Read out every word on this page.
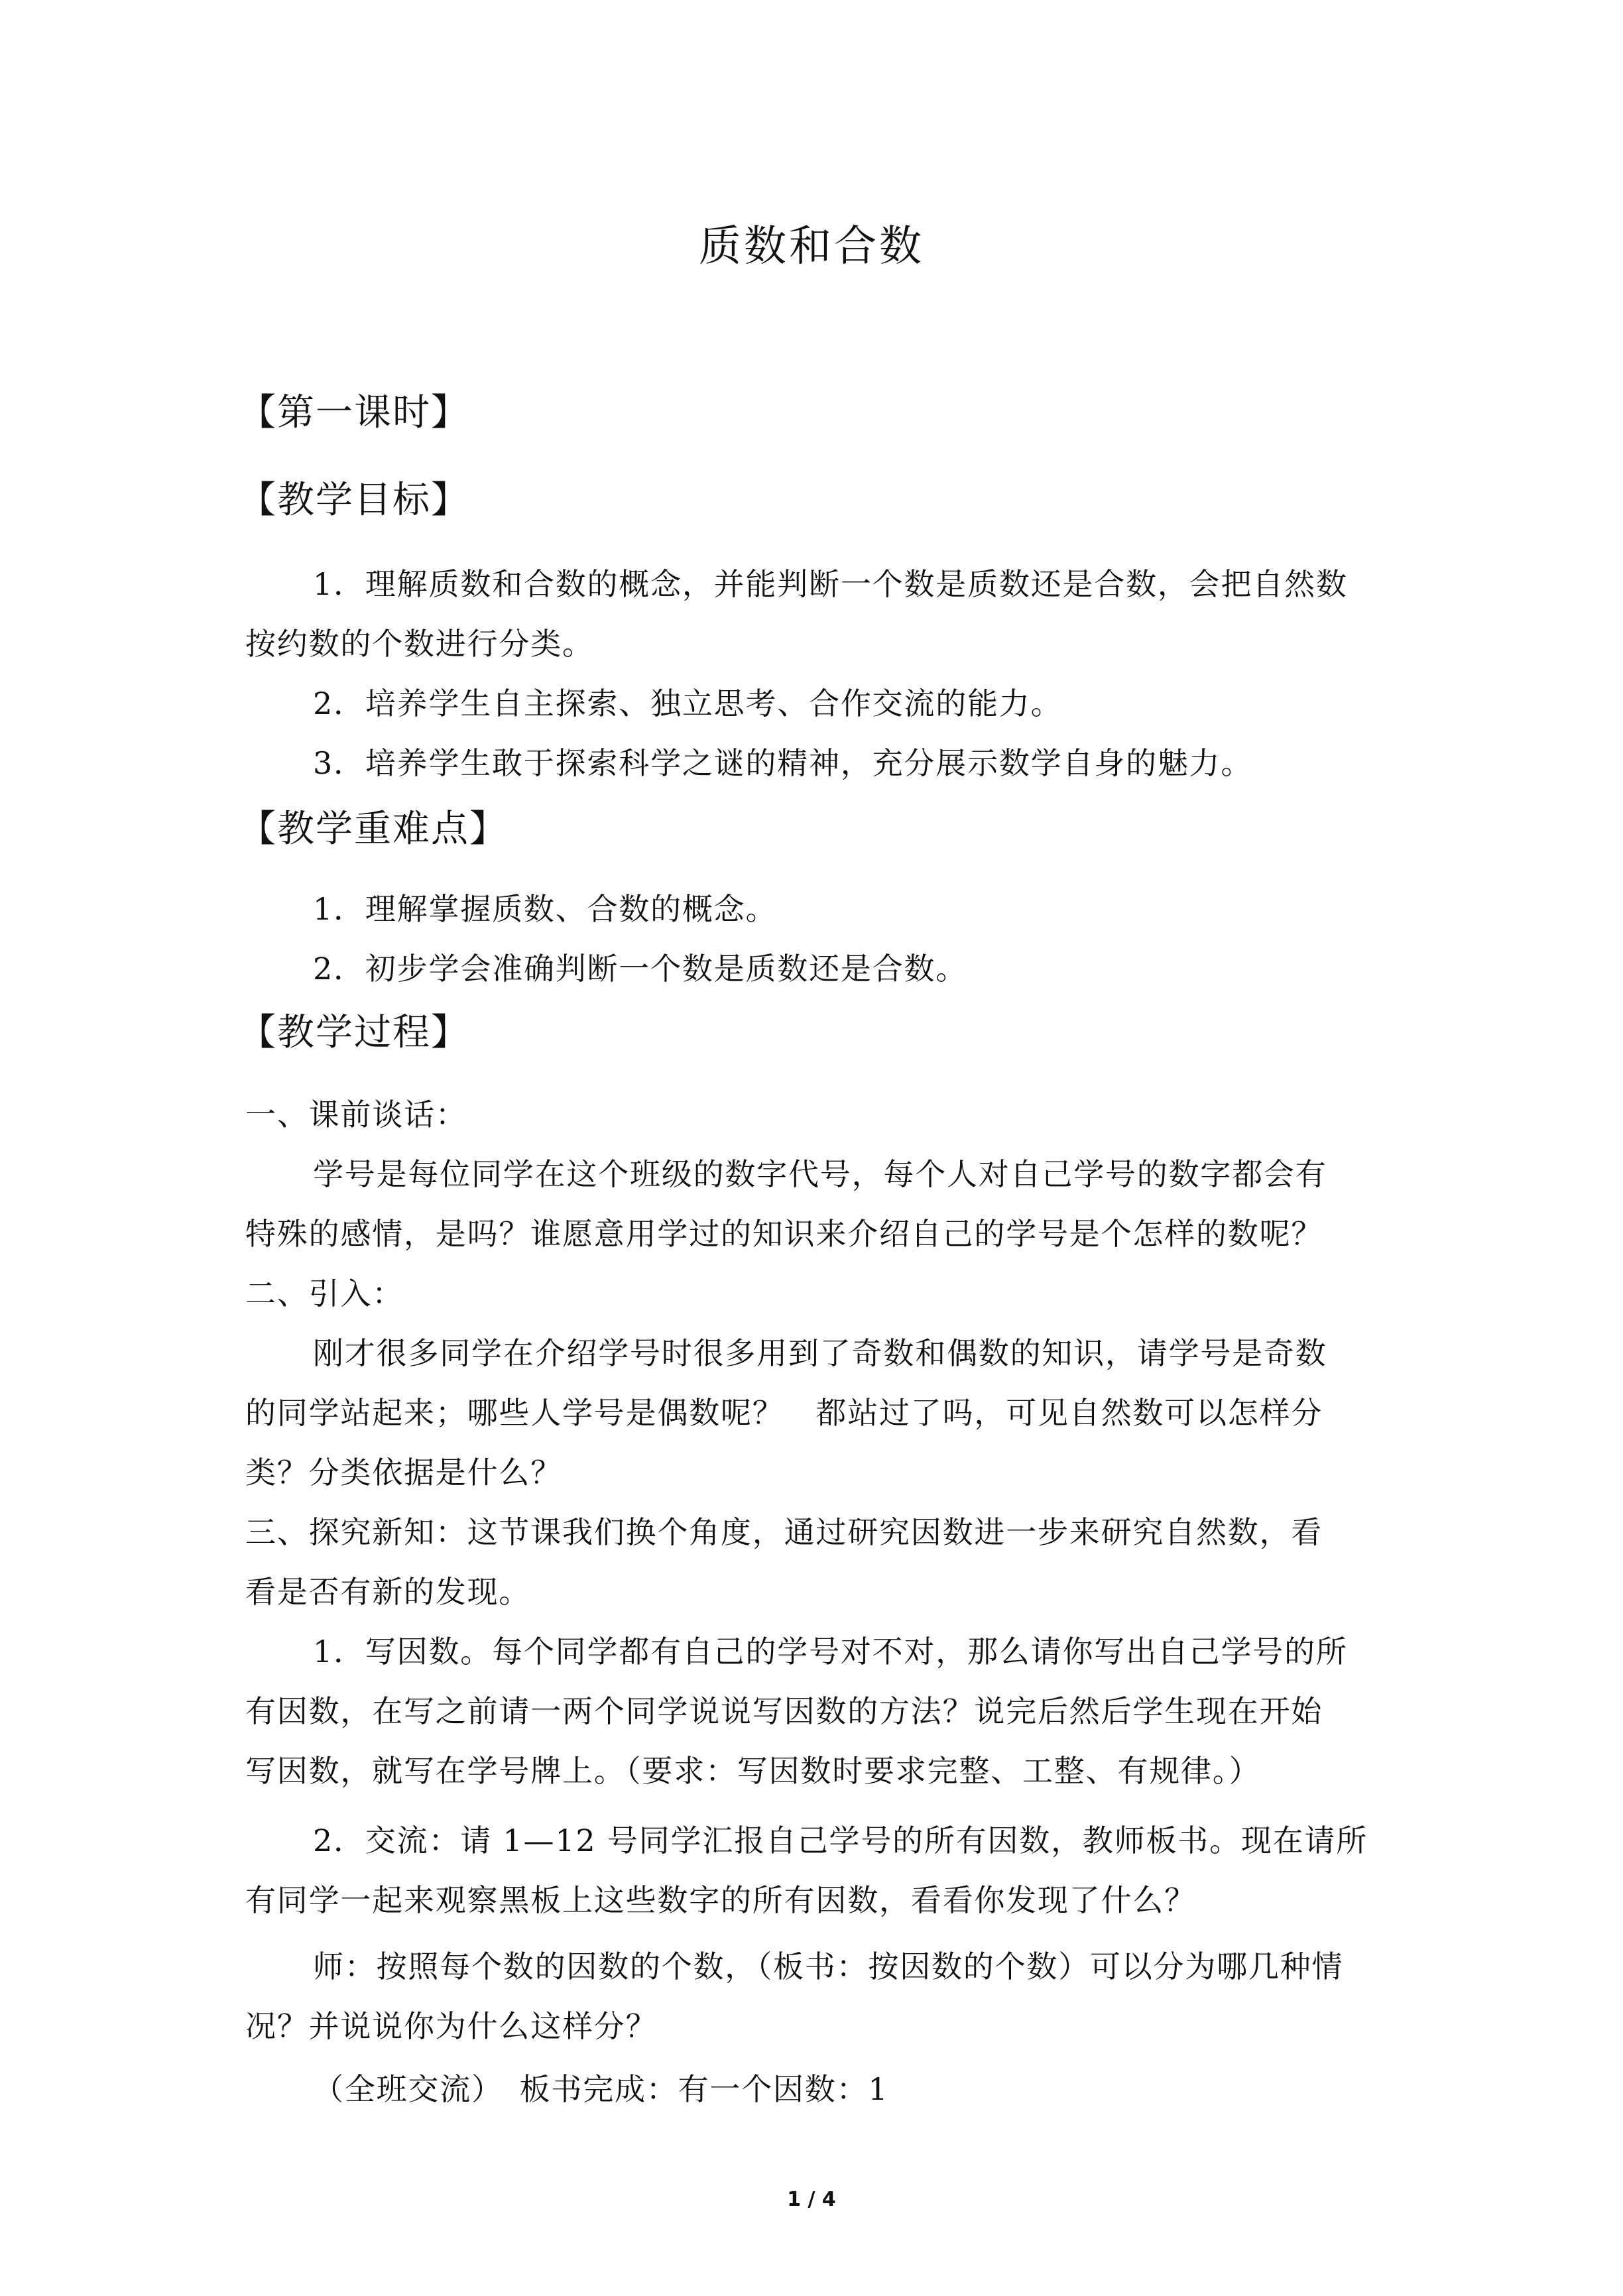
质数和合数
【第一课时】
【教学目标】
1．理解质数和合数的概念，并能判断一个数是质数还是合数，会把自然数
按约数的个数进行分类。
2．培养学生自主探索、独立思考、合作交流的能力。
3．培养学生敢于探索科学之谜的精神，充分展示数学自身的魅力。
【教学重难点】
1．理解掌握质数、合数的概念。
2．初步学会准确判断一个数是质数还是合数。
【教学过程】
一、课前谈话：
学号是每位同学在这个班级的数字代号，每个人对自己学号的数字都会有
特殊的感情，是吗？谁愿意用学过的知识来介绍自己的学号是个怎样的数呢？
二、引入：
刚才很多同学在介绍学号时很多用到了奇数和偶数的知识，请学号是奇数
的同学站起来；哪些人学号是偶数呢？　都站过了吗，可见自然数可以怎样分
类？分类依据是什么？
三、探究新知：这节课我们换个角度，通过研究因数进一步来研究自然数，看
看是否有新的发现。
1．写因数。每个同学都有自己的学号对不对，那么请你写出自己学号的所
有因数，在写之前请一两个同学说说写因数的方法？说完后然后学生现在开始
写因数，就写在学号牌上。（要求：写因数时要求完整、工整、有规律。）
2．交流：请 1—12 号同学汇报自己学号的所有因数，教师板书。现在请所
有同学一起来观察黑板上这些数字的所有因数，看看你发现了什么？
师：按照每个数的因数的个数，（板书：按因数的个数）可以分为哪几种情
况？并说说你为什么这样分？
（全班交流）　板书完成：有一个因数：1
1 / 4
